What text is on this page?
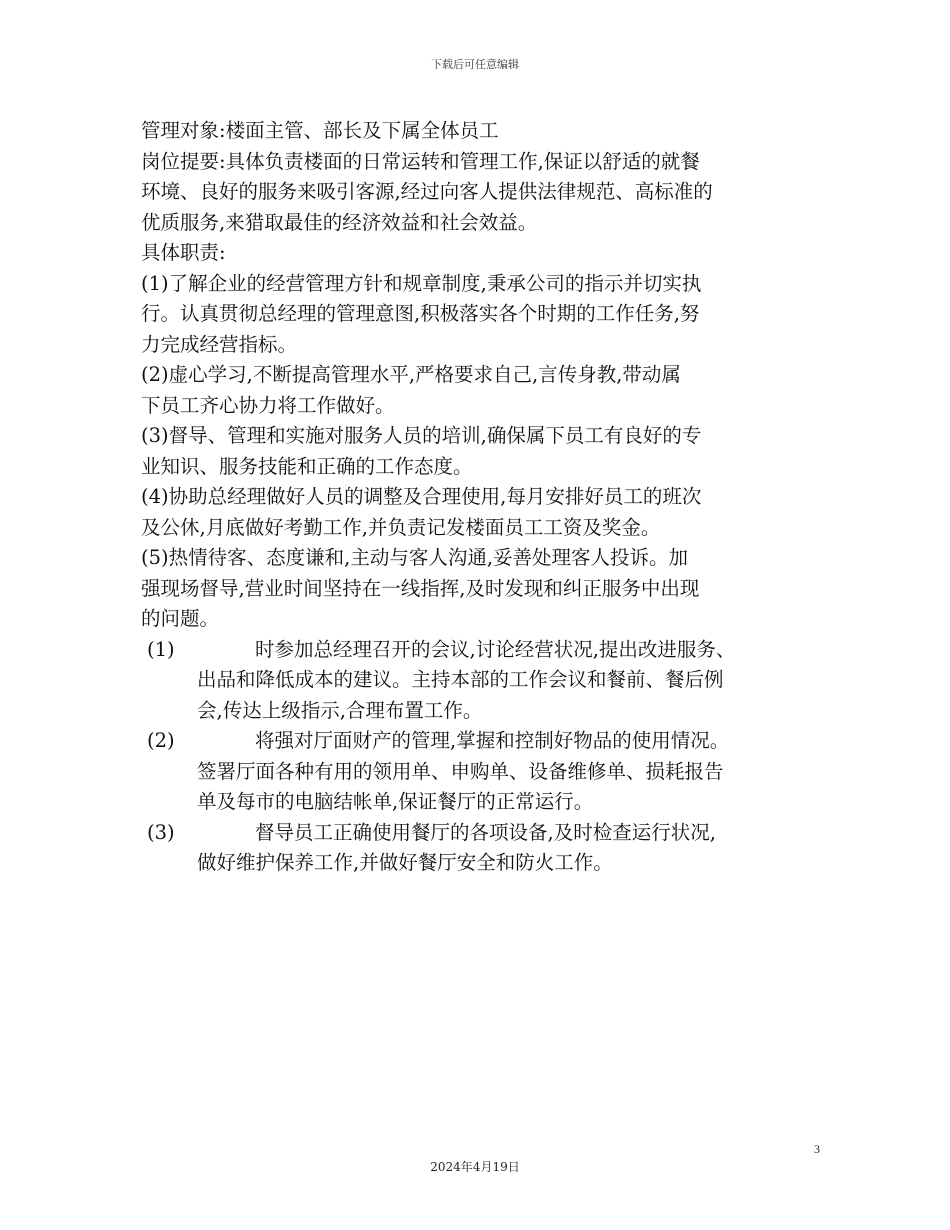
下载后可任意编辑
管理对象:楼面主管、部长及下属全体员工
岗位提要:具体负责楼面的日常运转和管理工作,保证以舒适的就餐
环境、良好的服务来吸引客源,经过向客人提供法律规范、高标准的
优质服务,来猎取最佳的经济效益和社会效益。
具体职责:
(1)了解企业的经营管理方针和规章制度,秉承公司的指示并切实执
行。认真贯彻总经理的管理意图,积极落实各个时期的工作任务,努
力完成经营指标。
(2)虚心学习,不断提高管理水平,严格要求自己,言传身教,带动属
下员工齐心协力将工作做好。
(3)督导、管理和实施对服务人员的培训,确保属下员工有良好的专
业知识、服务技能和正确的工作态度。
(4)协助总经理做好人员的调整及合理使用,每月安排好员工的班次
及公休,月底做好考勤工作,并负责记发楼面员工工资及奖金。
(5)热情待客、态度谦和,主动与客人沟通,妥善处理客人投诉。加
强现场督导,营业时间坚持在一线指挥,及时发现和纠正服务中出现
的问题。
(1)	时参加总经理召开的会议,讨论经营状况,提出改进服务、
出品和降低成本的建议。主持本部的工作会议和餐前、餐后例
会,传达上级指示,合理布置工作。
(2)	将强对厅面财产的管理,掌握和控制好物品的使用情况。
签署厅面各种有用的领用单、申购单、设备维修单、损耗报告
单及每市的电脑结帐单,保证餐厅的正常运行。
(3)	督导员工正确使用餐厅的各项设备,及时检查运行状况,
做好维护保养工作,并做好餐厅安全和防火工作。
3
2024年4月19日
